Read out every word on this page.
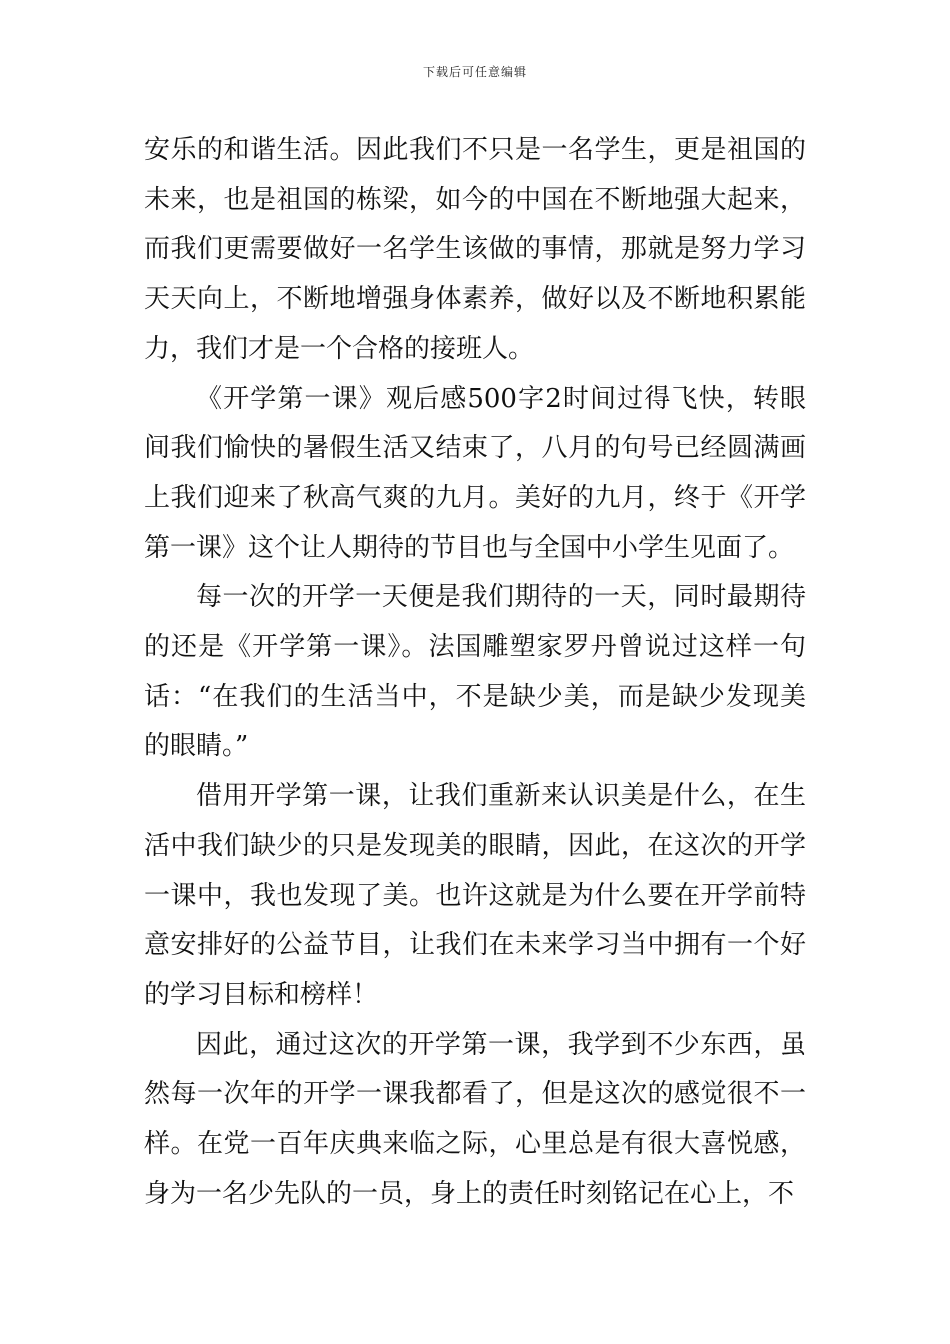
下载后可任意编辑

安乐的和谐生活。因此我们不只是一名学生，更是祖国的未来，也是祖国的栋梁，如今的中国在不断地强大起来，而我们更需要做好一名学生该做的事情，那就是努力学习天天向上，不断地增强身体素养，做好以及不断地积累能力，我们才是一个合格的接班人。

《开学第一课》观后感500字2时间过得飞快，转眼间我们愉快的暑假生活又结束了，八月的句号已经圆满画上我们迎来了秋高气爽的九月。美好的九月，终于《开学第一课》这个让人期待的节目也与全国中小学生见面了。

每一次的开学一天便是我们期待的一天，同时最期待的还是《开学第一课》。法国雕塑家罗丹曾说过这样一句话：“在我们的生活当中，不是缺少美，而是缺少发现美的眼睛。”

借用开学第一课，让我们重新来认识美是什么，在生活中我们缺少的只是发现美的眼睛，因此，在这次的开学一课中，我也发现了美。也许这就是为什么要在开学前特意安排好的公益节目，让我们在未来学习当中拥有一个好的学习目标和榜样！

因此，通过这次的开学第一课，我学到不少东西，虽然每一次年的开学一课我都看了，但是这次的感觉很不一样。在党一百年庆典来临之际，心里总是有很大喜悦感，身为一名少先队的一员，身上的责任时刻铭记在心上，不
